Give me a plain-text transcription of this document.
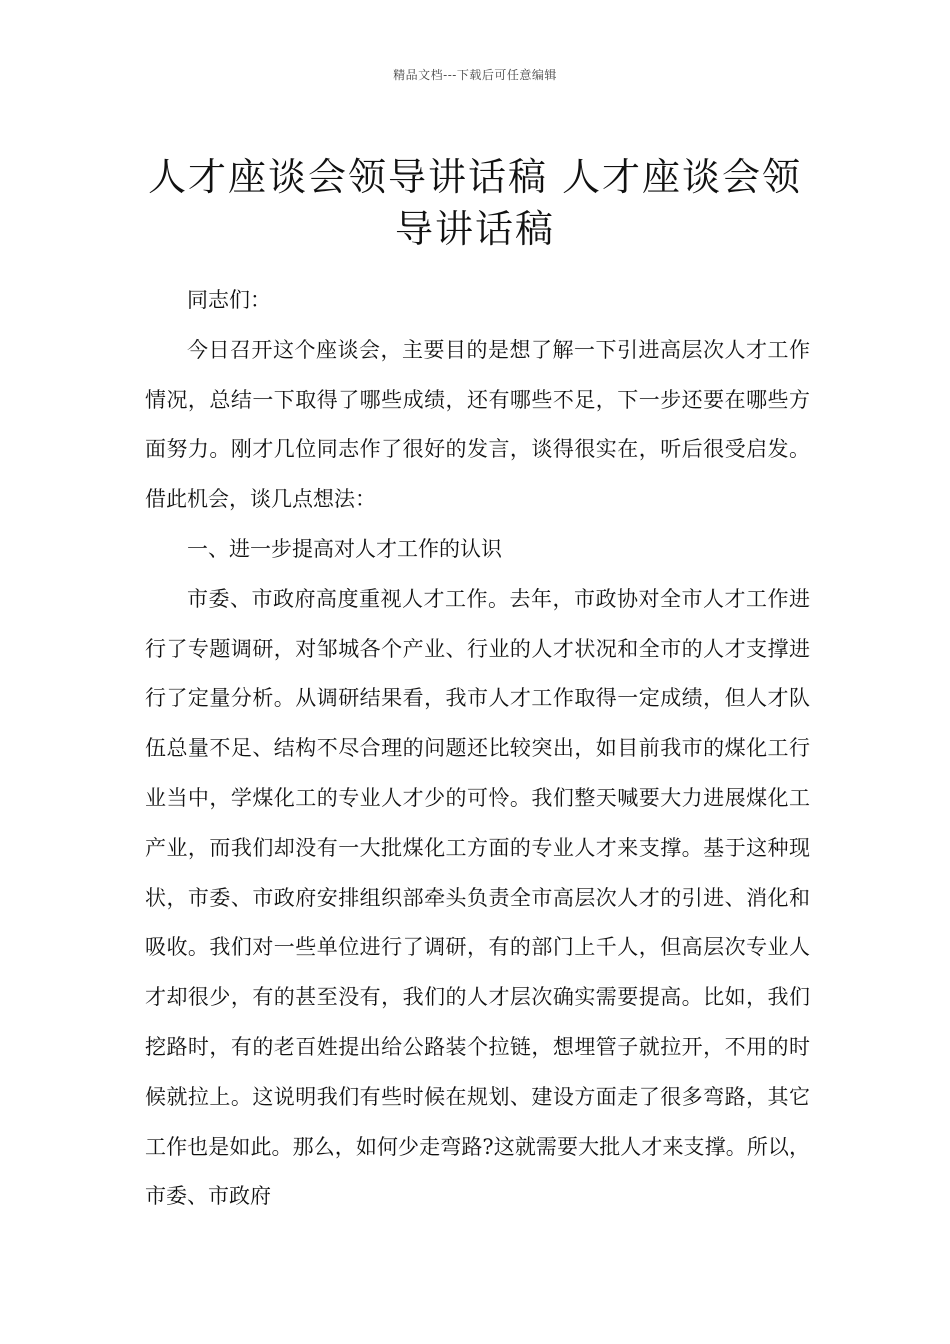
精品文档---下载后可任意编辑
人才座谈会领导讲话稿 人才座谈会领导讲话稿

同志们：

今日召开这个座谈会，主要目的是想了解一下引进高层次人才工作情况，总结一下取得了哪些成绩，还有哪些不足，下一步还要在哪些方面努力。刚才几位同志作了很好的发言，谈得很实在，听后很受启发。借此机会，谈几点想法：

一、进一步提高对人才工作的认识

市委、市政府高度重视人才工作。去年，市政协对全市人才工作进行了专题调研，对邹城各个产业、行业的人才状况和全市的人才支撑进行了定量分析。从调研结果看，我市人才工作取得一定成绩，但人才队伍总量不足、结构不尽合理的问题还比较突出，如目前我市的煤化工行业当中，学煤化工的专业人才少的可怜。我们整天喊要大力进展煤化工产业，而我们却没有一大批煤化工方面的专业人才来支撑。基于这种现状，市委、市政府安排组织部牵头负责全市高层次人才的引进、消化和吸收。我们对一些单位进行了调研，有的部门上千人，但高层次专业人才却很少，有的甚至没有，我们的人才层次确实需要提高。比如，我们挖路时，有的老百姓提出给公路装个拉链，想埋管子就拉开，不用的时候就拉上。这说明我们有些时候在规划、建设方面走了很多弯路，其它工作也是如此。那么，如何少走弯路?这就需要大批人才来支撑。所以，市委、市政府
